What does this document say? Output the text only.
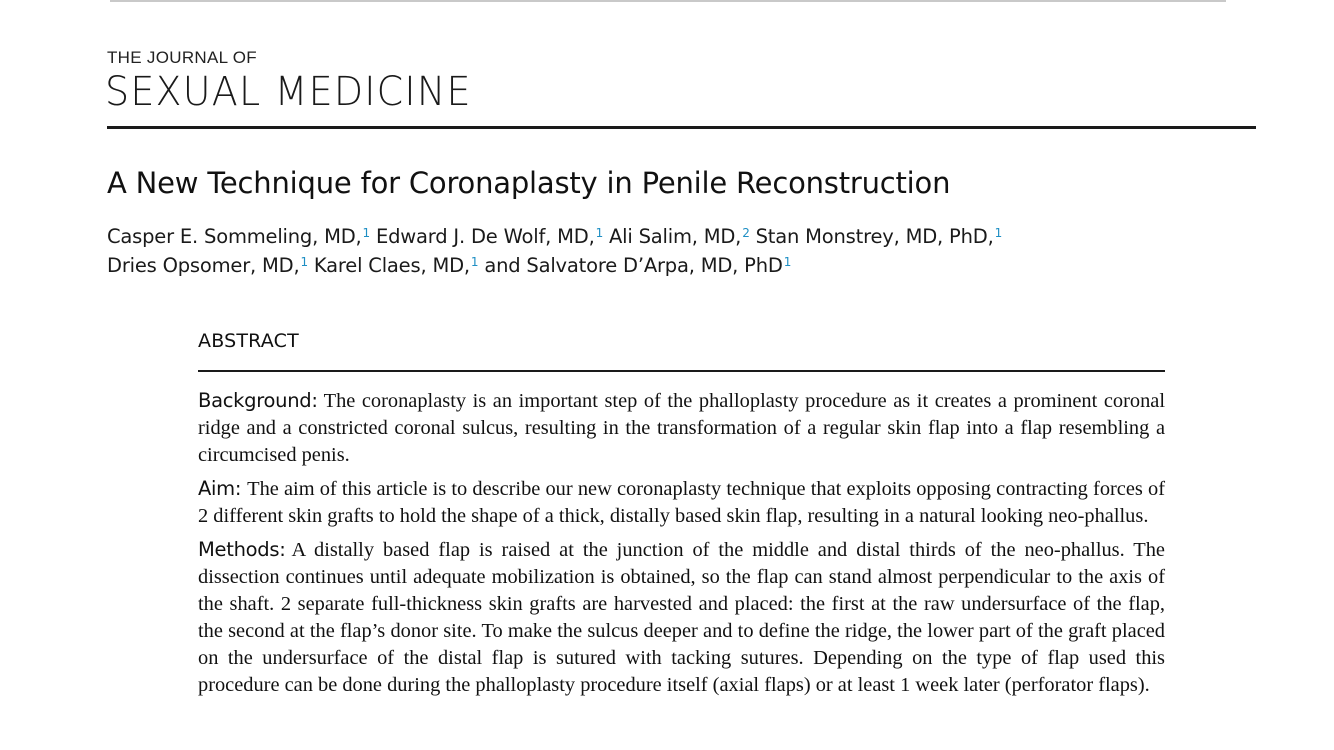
THE JOURNAL OF
SEXUAL MEDICINE
A New Technique for Coronaplasty in Penile Reconstruction
Casper E. Sommeling, MD,$^1$ Edward J. De Wolf, MD,$^1$ Ali Salim, MD,$^2$ Stan Monstrey, MD, PhD,$^1$
Dries Opsomer, MD,$^1$ Karel Claes, MD,$^1$ and Salvatore D’Arpa, MD, PhD$^1$
ABSTRACT

Background: The coronaplasty is an important step of the phalloplasty procedure as it creates a prominent coronal ridge and a constricted coronal sulcus, resulting in the transformation of a regular skin flap into a flap resembling a circumcised penis.

Aim: The aim of this article is to describe our new coronaplasty technique that exploits opposing contracting forces of 2 different skin grafts to hold the shape of a thick, distally based skin flap, resulting in a natural looking neo-phallus.

Methods: A distally based flap is raised at the junction of the middle and distal thirds of the neo-phallus. The dissection continues until adequate mobilization is obtained, so the flap can stand almost perpendicular to the axis of the shaft. 2 separate full-thickness skin grafts are harvested and placed: the first at the raw undersurface of the flap, the second at the flap’s donor site. To make the sulcus deeper and to define the ridge, the lower part of the graft placed on the undersurface of the distal flap is sutured with tacking sutures. Depending on the type of flap used this procedure can be done during the phalloplasty procedure itself (axial flaps) or at least 1 week later (perforator flaps).
